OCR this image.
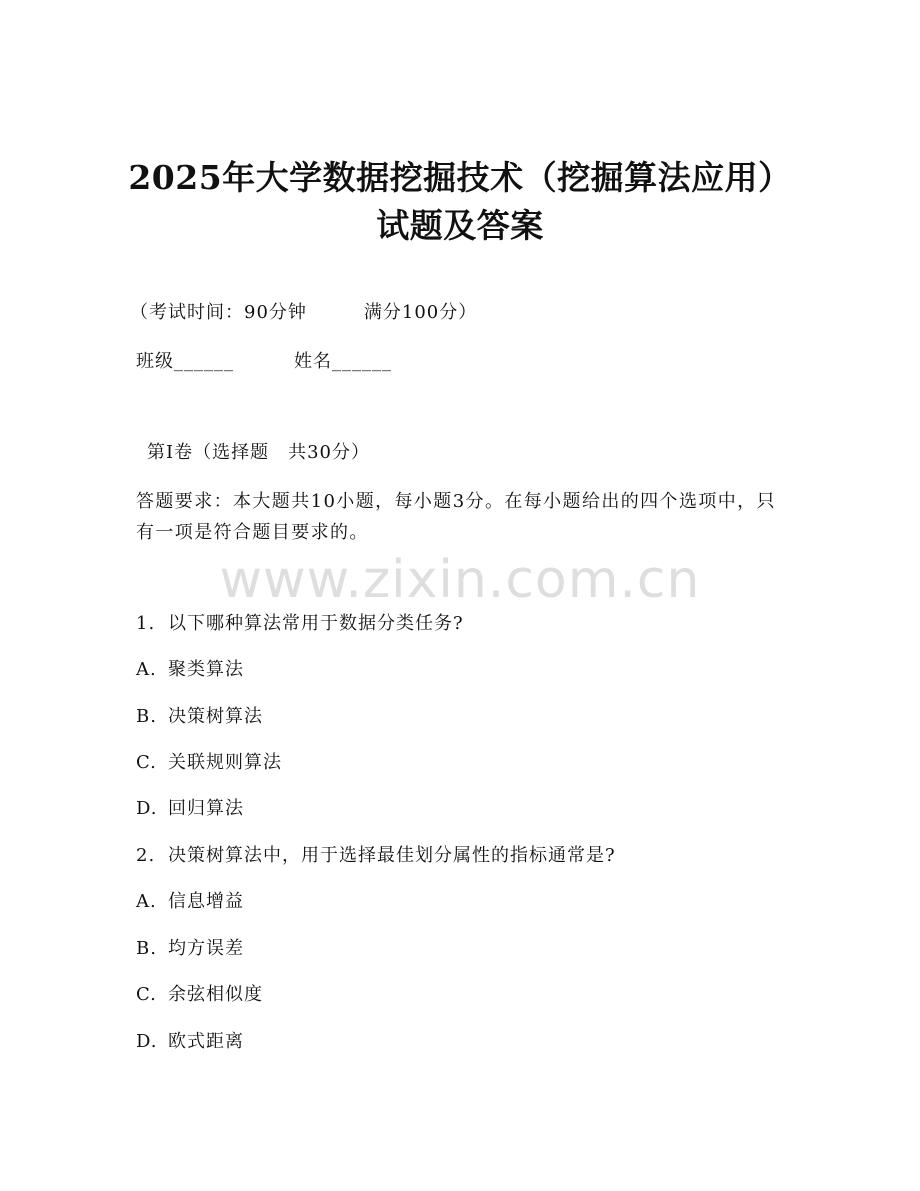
2025年大学数据挖掘技术（挖掘算法应用）
试题及答案
（考试时间：90分钟　　　满分100分）
班级______	姓名______
第I卷（选择题　共30分）
答题要求：本大题共10小题，每小题3分。在每小题给出的四个选项中，只有一项是符合题目要求的。
www.zixin.com.cn
1. 以下哪种算法常用于数据分类任务?
A. 聚类算法
B. 决策树算法
C. 关联规则算法
D. 回归算法
2. 决策树算法中，用于选择最佳划分属性的指标通常是?
A. 信息增益
B. 均方误差
C. 余弦相似度
D. 欧式距离
